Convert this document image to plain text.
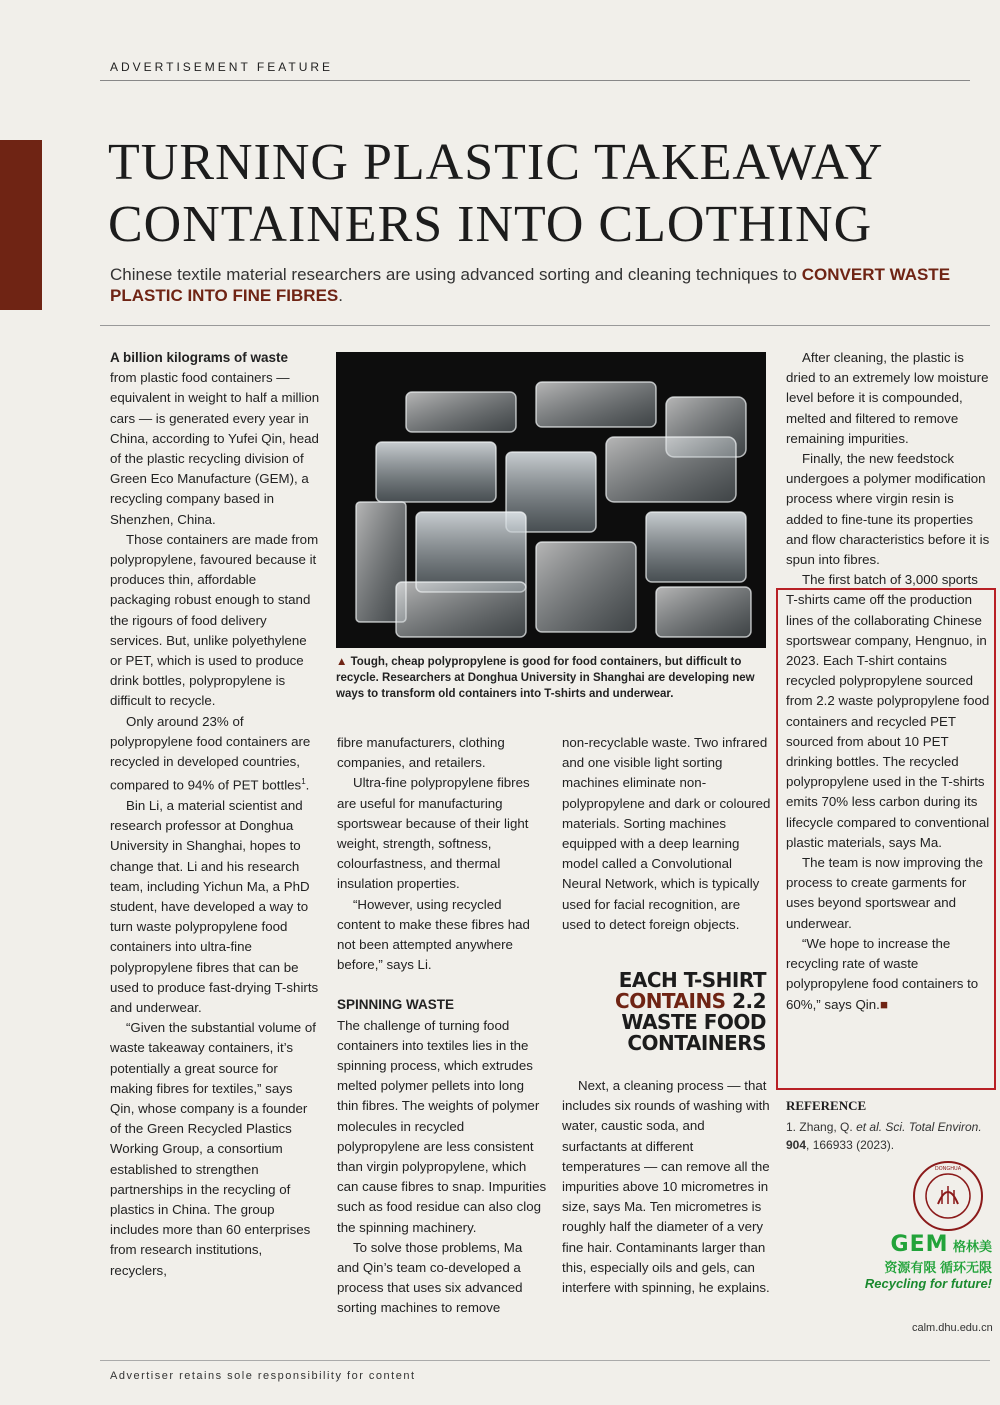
ADVERTISEMENT FEATURE
TURNING PLASTIC TAKEAWAY
CONTAINERS INTO CLOTHING
Chinese textile material researchers are using advanced sorting and cleaning techniques to CONVERT WASTE PLASTIC INTO FINE FIBRES.

A billion kilograms of waste
from plastic food containers — equivalent in weight to half a million cars — is generated every year in China, according to Yufei Qin, head of the plastic recycling division of Green Eco Manufacture (GEM), a recycling company based in Shenzhen, China.

Those containers are made from polypropylene, favoured because it produces thin, affordable packaging robust enough to stand the rigours of food delivery services. But, unlike polyethylene or PET, which is used to produce drink bottles, polypropylene is difficult to recycle.

Only around 23% of polypropylene food containers are recycled in developed countries, compared to 94% of PET bottles$^1$.

Bin Li, a material scientist and research professor at Donghua University in Shanghai, hopes to change that. Li and his research team, including Yichun Ma, a PhD student, have developed a way to turn waste polypropylene food containers into ultra-fine polypropylene fibres that can be used to produce fast-drying T-shirts and underwear.

“Given the substantial volume of waste takeaway containers, it’s potentially a great source for making fibres for textiles,” says Qin, whose company is a founder of the Green Recycled Plastics Working Group, a consortium established to strengthen partnerships in the recycling of plastics in China. The group includes more than 60 enterprises from research institutions, recyclers,

▲ Tough, cheap polypropylene is good for food containers, but difficult to recycle. Researchers at Donghua University in Shanghai are developing new ways to transform old containers into T-shirts and underwear.

fibre manufacturers, clothing companies, and retailers.

Ultra-fine polypropylene fibres are useful for manufacturing sportswear because of their light weight, strength, softness, colourfastness, and thermal insulation properties.

“However, using recycled content to make these fibres had not been attempted anywhere before,” says Li.

SPINNING WASTE

The challenge of turning food containers into textiles lies in the spinning process, which extrudes melted polymer pellets into long thin fibres. The weights of polymer molecules in recycled polypropylene are less consistent than virgin polypropylene, which can cause fibres to snap. Impurities such as food residue can also clog the spinning machinery.

To solve those problems, Ma and Qin’s team co-developed a process that uses six advanced sorting machines to remove

non-recyclable waste. Two infrared and one visible light sorting machines eliminate non-polypropylene and dark or coloured materials. Sorting machines equipped with a deep learning model called a Convolutional Neural Network, which is typically used for facial recognition, are used to detect foreign objects.

EACH T-SHIRT
CONTAINS 2.2
WASTE FOOD
CONTAINERS

Next, a cleaning process — that includes six rounds of washing with water, caustic soda, and surfactants at different temperatures — can remove all the impurities above 10 micrometres in size, says Ma. Ten micrometres is roughly half the diameter of a very fine hair. Contaminants larger than this, especially oils and gels, can interfere with spinning, he explains.

After cleaning, the plastic is dried to an extremely low moisture level before it is compounded, melted and filtered to remove remaining impurities.

Finally, the new feedstock undergoes a polymer modification process where virgin resin is added to fine-tune its properties and flow characteristics before it is spun into fibres.

The first batch of 3,000 sports T-shirts came off the production lines of the collaborating Chinese sportswear company, Hengnuo, in 2023. Each T-shirt contains recycled polypropylene sourced from 2.2 waste polypropylene food containers and recycled PET sourced from about 10 PET drinking bottles. The recycled polypropylene used in the T-shirts emits 70% less carbon during its lifecycle compared to conventional plastic materials, says Ma.

The team is now improving the process to create garments for uses beyond sportswear and underwear.

“We hope to increase the recycling rate of waste polypropylene food containers to 60%,” says Qin.■

REFERENCE
1. Zhang, Q. et al. Sci. Total Environ.
904, 166933 (2023).
DONGHUA
GEM 格林美
资源有限 循环无限
Recycling for future!
calm.dhu.edu.cn
Advertiser retains sole responsibility for content
